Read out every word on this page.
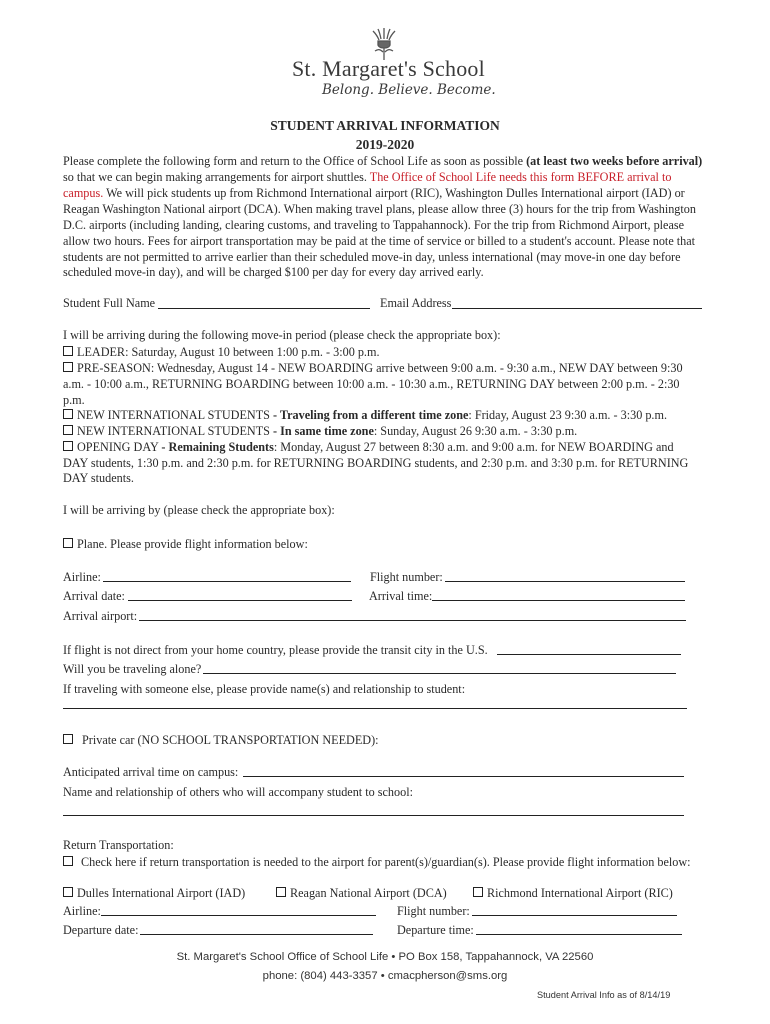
St. Margaret's School
Belong. Believe. Become.
STUDENT ARRIVAL INFORMATION
2019-2020
Please complete the following form and return to the Office of School Life as soon as possible (at least two weeks before arrival)
so that we can begin making arrangements for airport shuttles. The Office of School Life needs this form BEFORE arrival to
campus. We will pick students up from Richmond International airport (RIC), Washington Dulles International airport (IAD) or
Reagan Washington National airport (DCA). When making travel plans, please allow three (3) hours for the trip from Washington
D.C. airports (including landing, clearing customs, and traveling to Tappahannock). For the trip from Richmond Airport, please
allow two hours. Fees for airport transportation may be paid at the time of service or billed to a student's account. Please note that
students are not permitted to arrive earlier than their scheduled move-in day, unless international (may move-in one day before
scheduled move-in day), and will be charged $100 per day for every day arrived early.
Student Full Name	Email Address
I will be arriving during the following move-in period (please check the appropriate box):
LEADER: Saturday, August 10 between 1:00 p.m. - 3:00 p.m.
PRE-SEASON: Wednesday, August 14 - NEW BOARDING arrive between 9:00 a.m. - 9:30 a.m., NEW DAY between 9:30
a.m. - 10:00 a.m., RETURNING BOARDING between 10:00 a.m. - 10:30 a.m., RETURNING DAY between 2:00 p.m. - 2:30
p.m.
NEW INTERNATIONAL STUDENTS - Traveling from a different time zone: Friday, August 23 9:30 a.m. - 3:30 p.m.
NEW INTERNATIONAL STUDENTS - In same time zone: Sunday, August 26 9:30 a.m. - 3:30 p.m.
OPENING DAY - Remaining Students: Monday, August 27 between 8:30 a.m. and 9:00 a.m. for NEW BOARDING and
DAY students, 1:30 p.m. and 2:30 p.m. for RETURNING BOARDING students, and 2:30 p.m. and 3:30 p.m. for RETURNING
DAY students.
I will be arriving by (please check the appropriate box):
Plane. Please provide flight information below:
Airline:	Flight number:
Arrival date:	Arrival time:
Arrival airport:
If flight is not direct from your home country, please provide the transit city in the U.S.
Will you be traveling alone?
If traveling with someone else, please provide name(s) and relationship to student:
Private car (NO SCHOOL TRANSPORTATION NEEDED):
Anticipated arrival time on campus:
Name and relationship of others who will accompany student to school:
Return Transportation:
Check here if return transportation is needed to the airport for parent(s)/guardian(s). Please provide flight information below:
Dulles International Airport (IAD)	Reagan National Airport (DCA)	Richmond International Airport (RIC)
Airline:	Flight number:
Departure date:	Departure time:
St. Margaret's School Office of School Life • PO Box 158, Tappahannock, VA 22560
phone: (804) 443-3357 • cmacpherson@sms.org
Student Arrival Info as of 8/14/19
